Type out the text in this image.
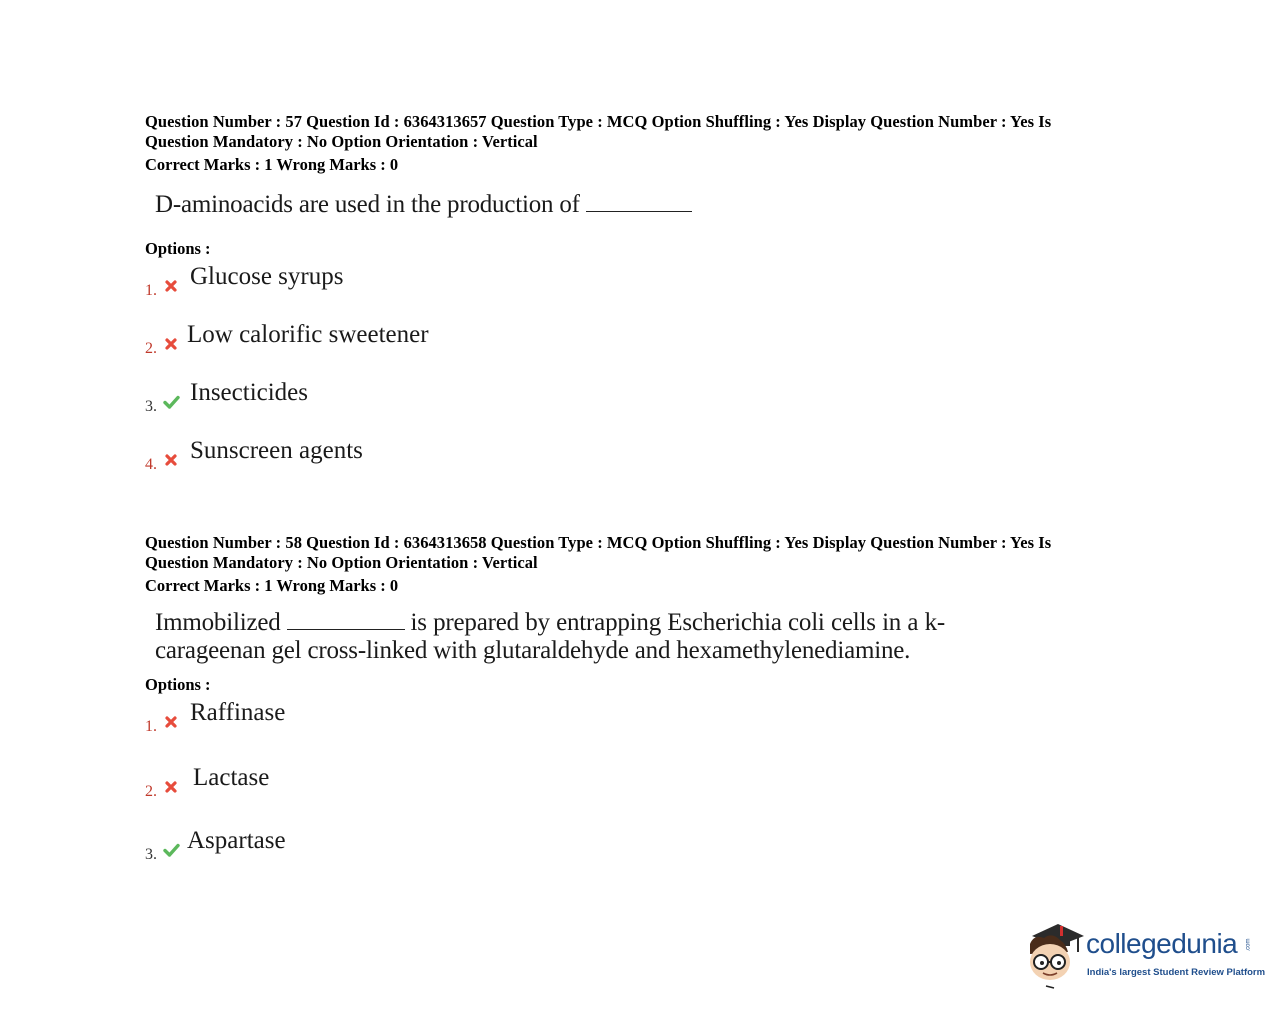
Question Number : 57 Question Id : 6364313657 Question Type : MCQ Option Shuffling : Yes Display Question Number : Yes Is
Question Mandatory : No Option Orientation : Vertical
Correct Marks : 1 Wrong Marks : 0
D-aminoacids are used in the production of
Options :
1.
Glucose syrups
2.
Low calorific sweetener
3.
Insecticides
4.
Sunscreen agents
Question Number : 58 Question Id : 6364313658 Question Type : MCQ Option Shuffling : Yes Display Question Number : Yes Is
Question Mandatory : No Option Orientation : Vertical
Correct Marks : 1 Wrong Marks : 0
Immobilized	is prepared by entrapping Escherichia coli cells in a k-carageenan gel cross-linked with glutaraldehyde and hexamethylenediamine.
Options :
1.
Raffinase
2.
Lactase
3.
Aspartase
collegedunia .com
India's largest Student Review Platform
